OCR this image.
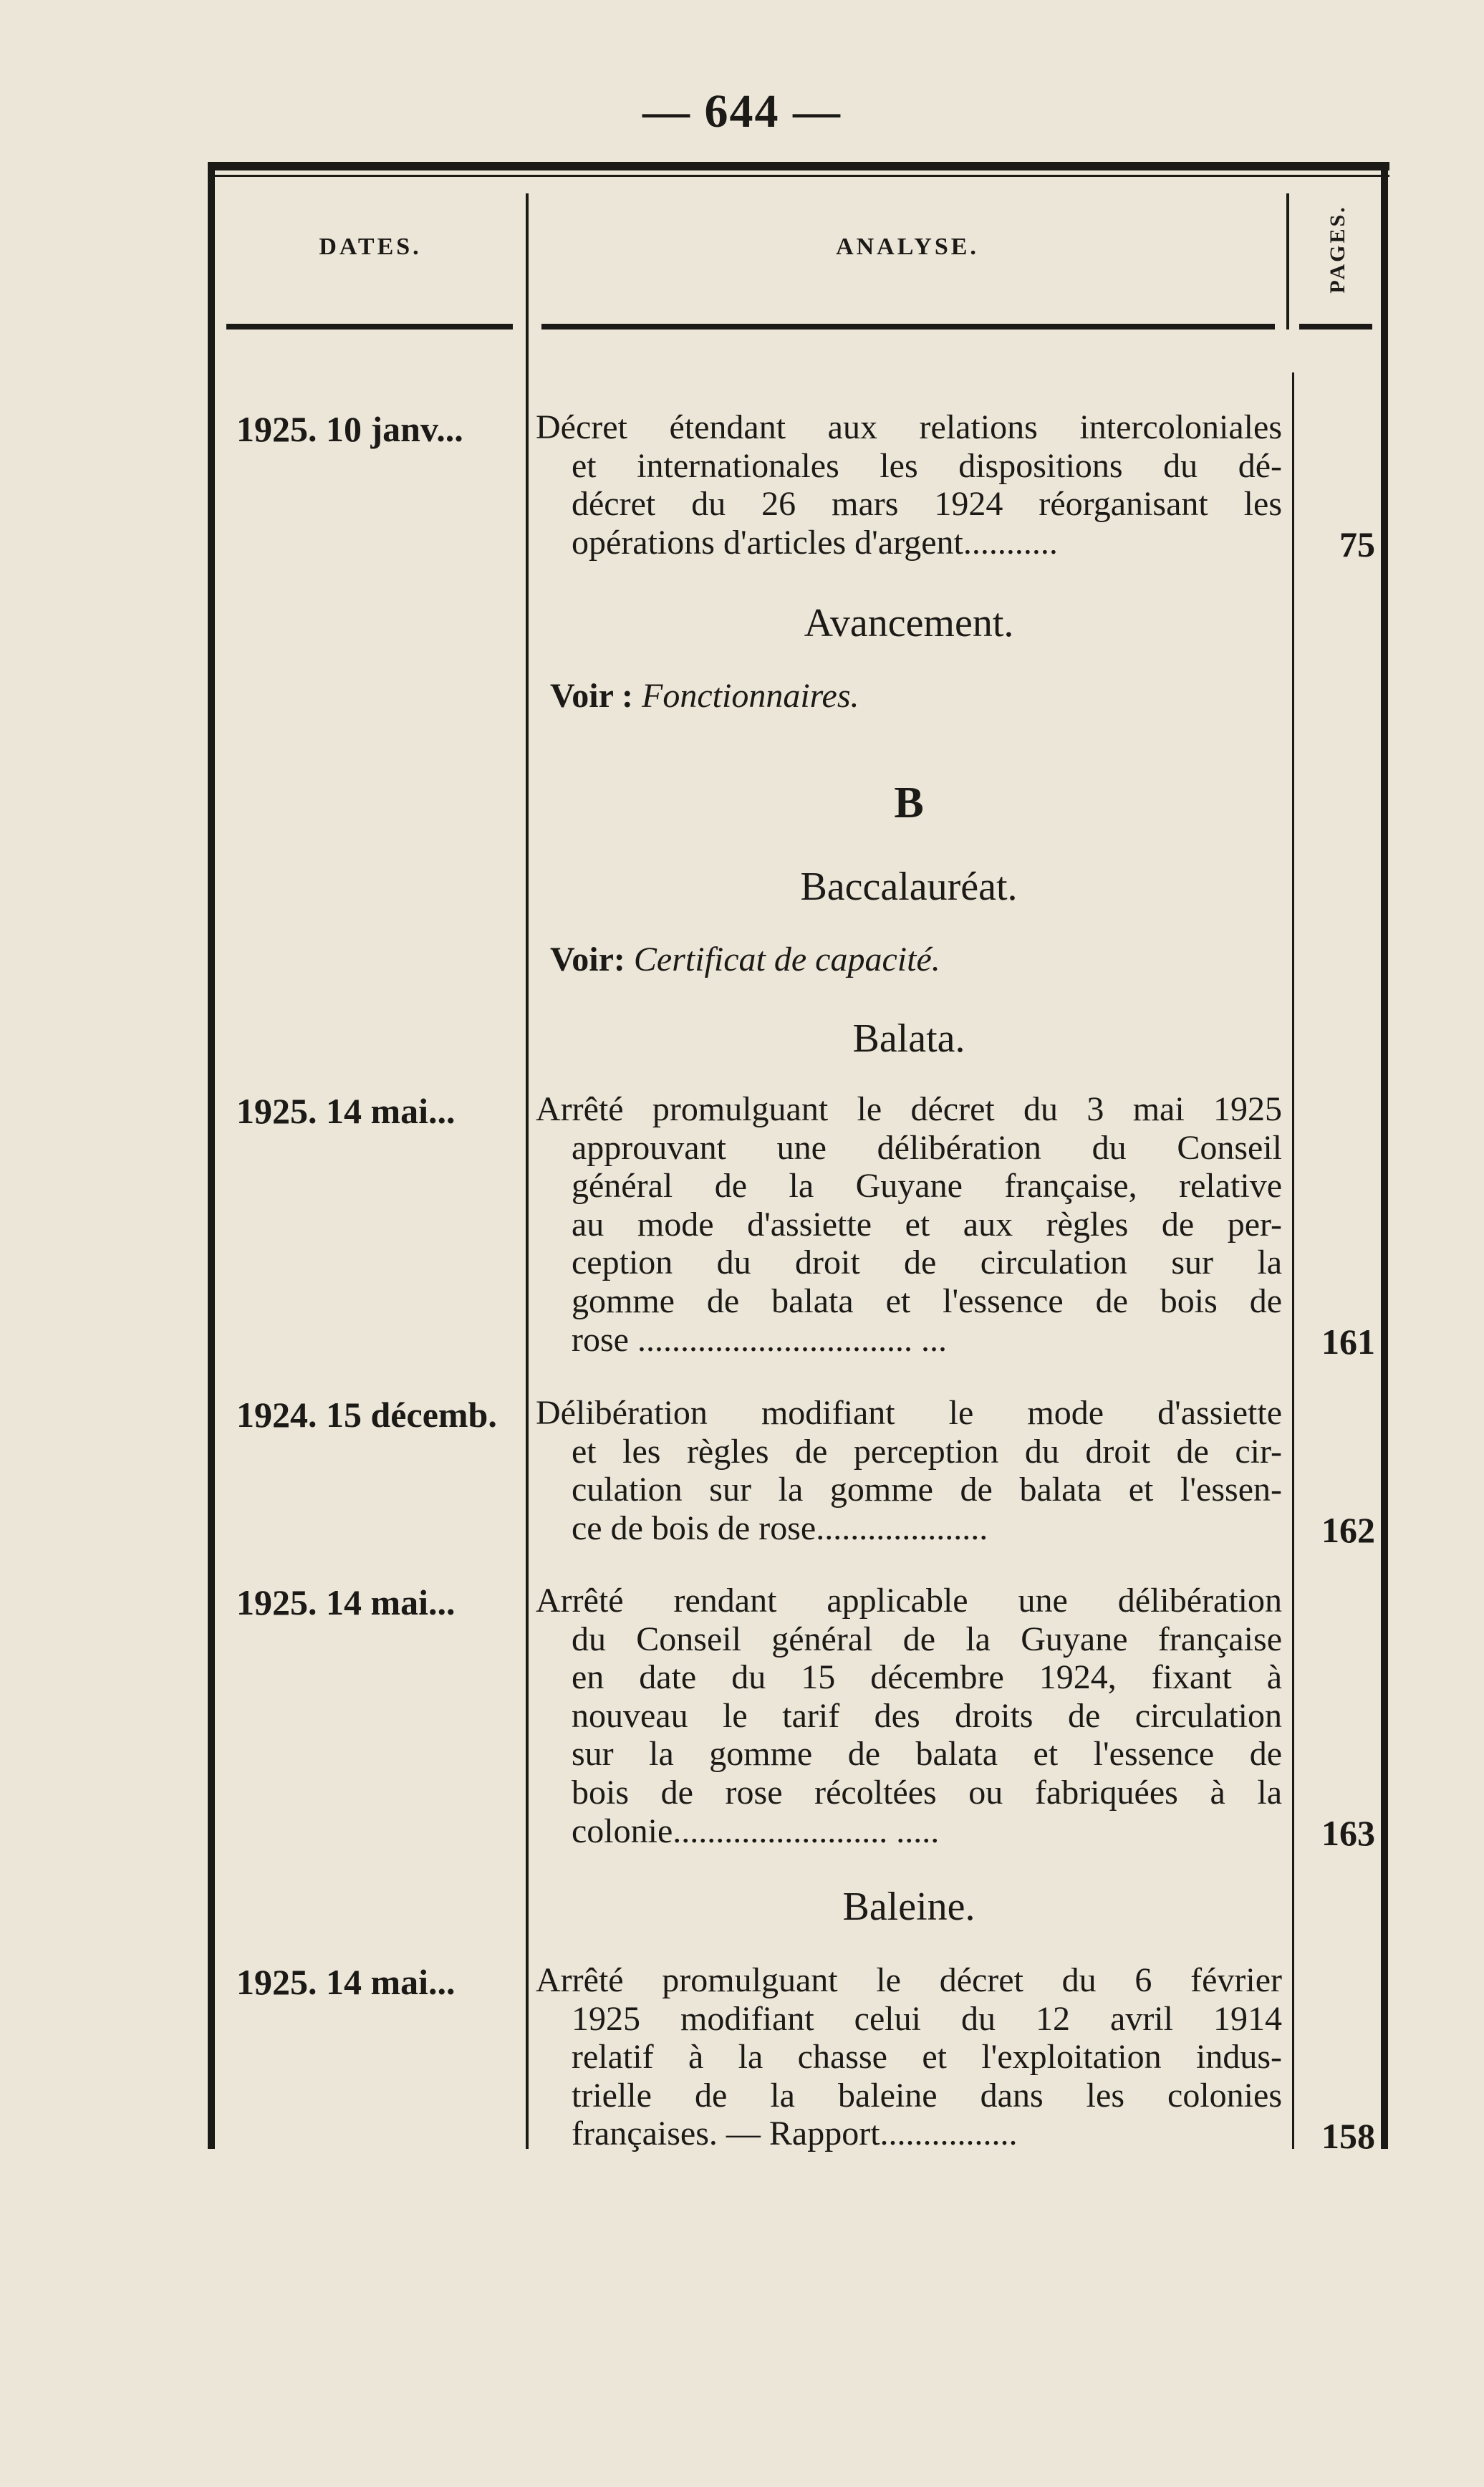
— 644 —
DATES.	ANALYSE.	PAGES.
1925. 10 janv...	Décret étendant aux relations intercoloniales
et internationales les dispositions du dé-
décret du 26 mars 1924 réorganisant les
opérations d'articles d'argent...........	75
Avancement.
Voir : Fonctionnaires.
B
Baccalauréat.
Voir: Certificat de capacité.
Balata.
1925. 14 mai...	Arrêté promulguant le décret du 3 mai 1925
approuvant une délibération du Conseil
général de la Guyane française, relative
au mode d'assiette et aux règles de per-
ception du droit de circulation sur la
gomme de balata et l'essence de bois de
rose ................................ ...	161
1924. 15 décemb.	Délibération modifiant le mode d'assiette
et les règles de perception du droit de cir-
culation sur la gomme de balata et l'essen-
ce de bois de rose....................	162
1925. 14 mai...	Arrêté rendant applicable une délibération
du Conseil général de la Guyane française
en date du 15 décembre 1924, fixant à
nouveau le tarif des droits de circulation
sur la gomme de balata et l'essence de
bois de rose récoltées ou fabriquées à la
colonie......................... .....	163
Baleine.
1925. 14 mai...	Arrêté promulguant le décret du 6 février
1925 modifiant celui du 12 avril 1914
relatif à la chasse et l'exploitation indus-
trielle de la baleine dans les colonies
françaises. — Rapport................	158
